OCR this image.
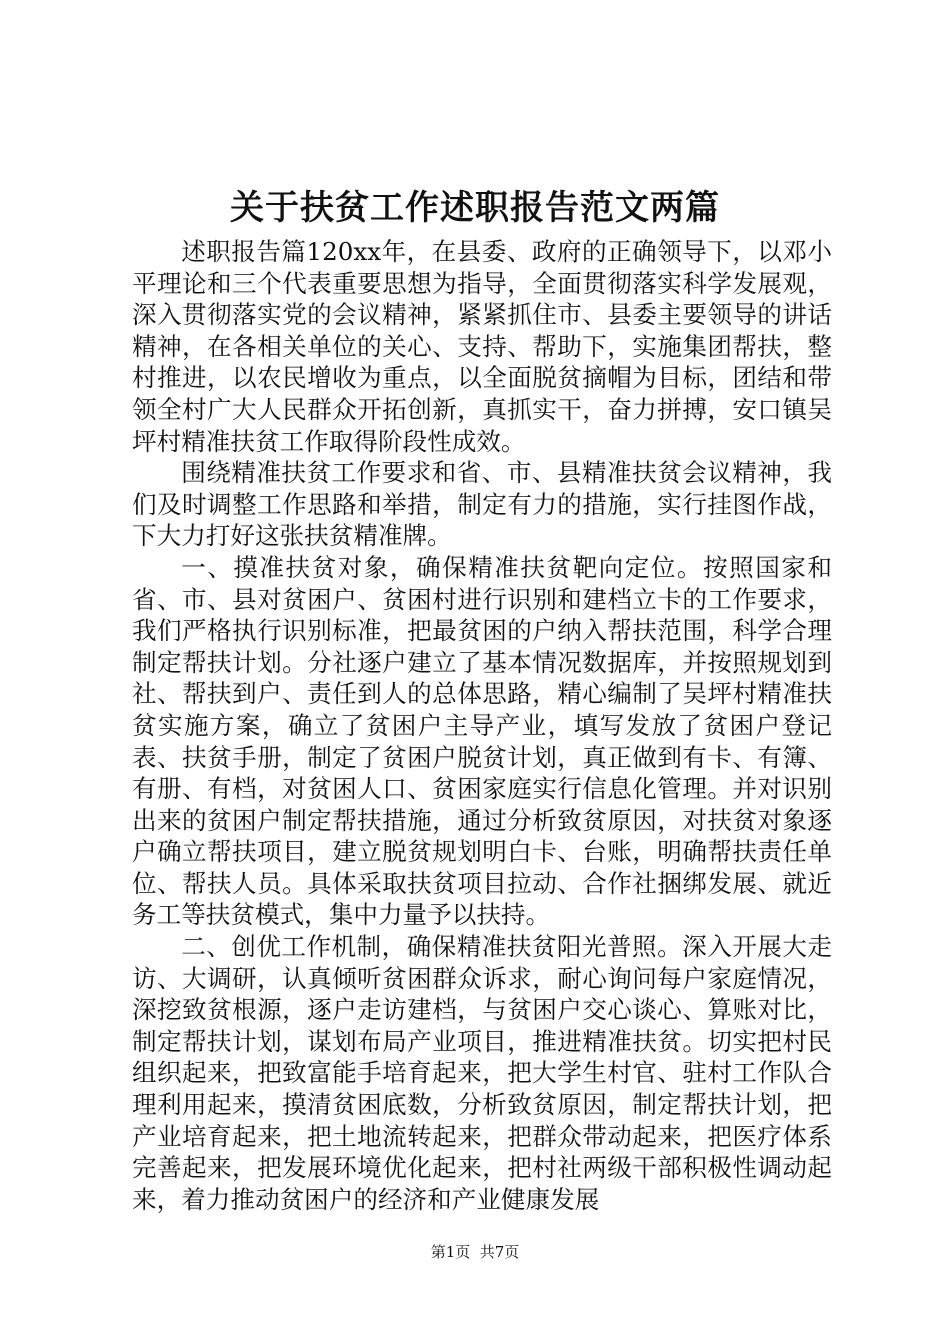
关于扶贫工作述职报告范文两篇

述职报告篇120xx年，在县委、政府的正确领导下，以邓小平理论和三个代表重要思想为指导，全面贯彻落实科学发展观，深入贯彻落实党的会议精神，紧紧抓住市、县委主要领导的讲话精神，在各相关单位的关心、支持、帮助下，实施集团帮扶，整村推进，以农民增收为重点，以全面脱贫摘帽为目标，团结和带领全村广大人民群众开拓创新，真抓实干，奋力拼搏，安口镇吴坪村精准扶贫工作取得阶段性成效。

围绕精准扶贫工作要求和省、市、县精准扶贫会议精神，我们及时调整工作思路和举措，制定有力的措施，实行挂图作战，下大力打好这张扶贫精准牌。

一、摸准扶贫对象，确保精准扶贫靶向定位。按照国家和省、市、县对贫困户、贫困村进行识别和建档立卡的工作要求，我们严格执行识别标准，把最贫困的户纳入帮扶范围，科学合理制定帮扶计划。分社逐户建立了基本情况数据库，并按照规划到社、帮扶到户、责任到人的总体思路，精心编制了吴坪村精准扶贫实施方案，确立了贫困户主导产业，填写发放了贫困户登记表、扶贫手册，制定了贫困户脱贫计划，真正做到有卡、有簿、有册、有档，对贫困人口、贫困家庭实行信息化管理。并对识别出来的贫困户制定帮扶措施，通过分析致贫原因，对扶贫对象逐户确立帮扶项目，建立脱贫规划明白卡、台账，明确帮扶责任单位、帮扶人员。具体采取扶贫项目拉动、合作社捆绑发展、就近务工等扶贫模式，集中力量予以扶持。

二、创优工作机制，确保精准扶贫阳光普照。深入开展大走访、大调研，认真倾听贫困群众诉求，耐心询问每户家庭情况，深挖致贫根源，逐户走访建档，与贫困户交心谈心、算账对比，制定帮扶计划，谋划布局产业项目，推进精准扶贫。切实把村民组织起来，把致富能手培育起来，把大学生村官、驻村工作队合理利用起来，摸清贫困底数，分析致贫原因，制定帮扶计划，把产业培育起来，把土地流转起来，把群众带动起来，把医疗体系完善起来，把发展环境优化起来，把村社两级干部积极性调动起来，着力推动贫困户的经济和产业健康发展

第1页  共7页
